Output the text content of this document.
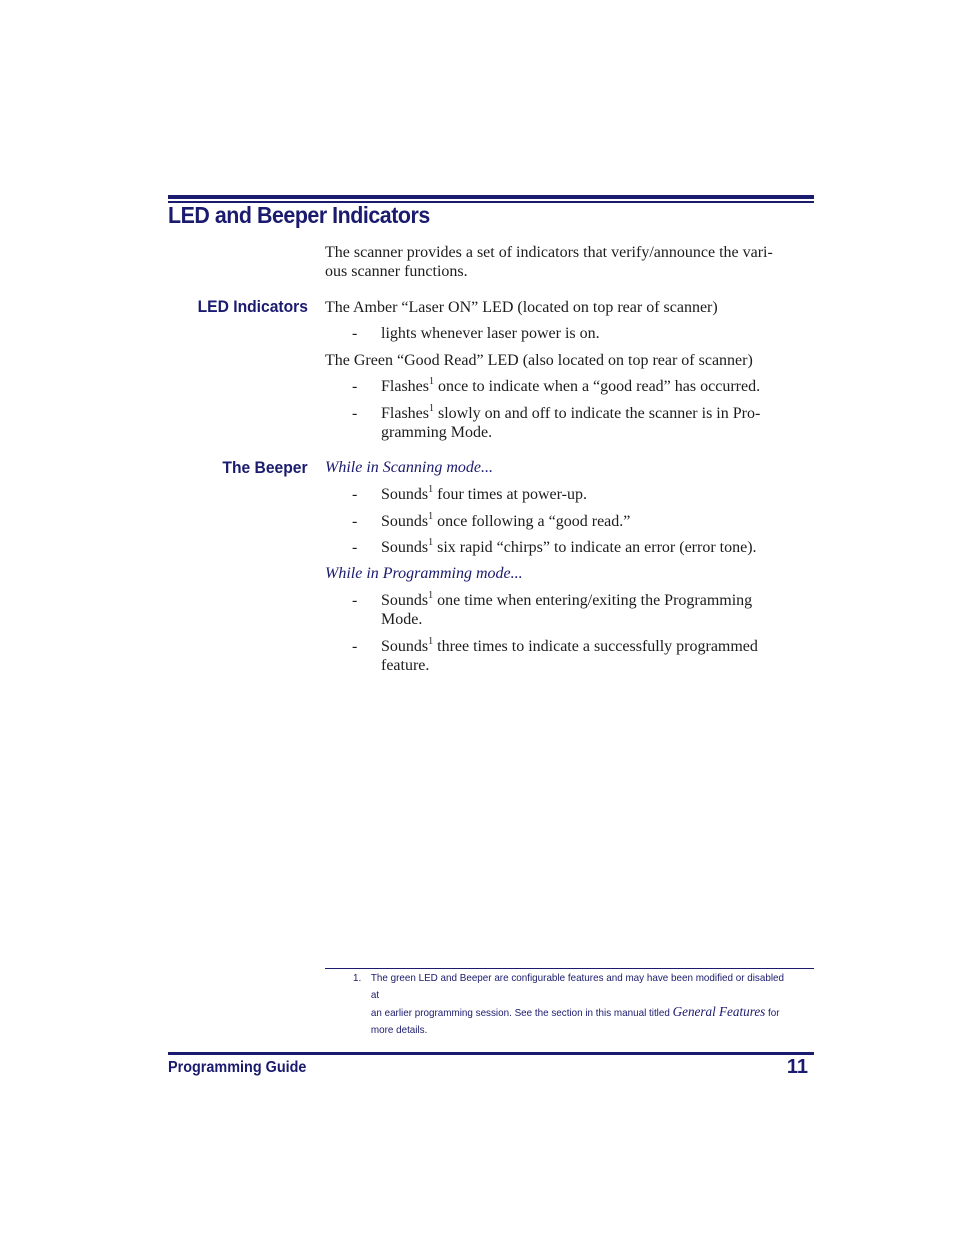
LED and Beeper Indicators

The scanner provides a set of indicators that verify/announce the vari-
ous scanner functions.

LED Indicators The Amber “Laser ON” LED (located on top rear of scanner)

- lights whenever laser power is on.

The Green “Good Read” LED (also located on top rear of scanner)

- Flashes$^1$ once to indicate when a “good read” has occurred.

- Flashes$^1$ slowly on and off to indicate the scanner is in Pro-
gramming Mode.

The Beeper While in Scanning mode...

- Sounds$^1$ four times at power-up.

- Sounds$^1$ once following a “good read.”

- Sounds$^1$ six rapid “chirps” to indicate an error (error tone).

While in Programming mode...

- Sounds$^1$ one time when entering/exiting the Programming
Mode.

- Sounds$^1$ three times to indicate a successfully programmed
feature.

1. The green LED and Beeper are configurable features and may have been modified or disabled at
an earlier programming session. See the section in this manual titled General Features for
more details.

Programming Guide	11
